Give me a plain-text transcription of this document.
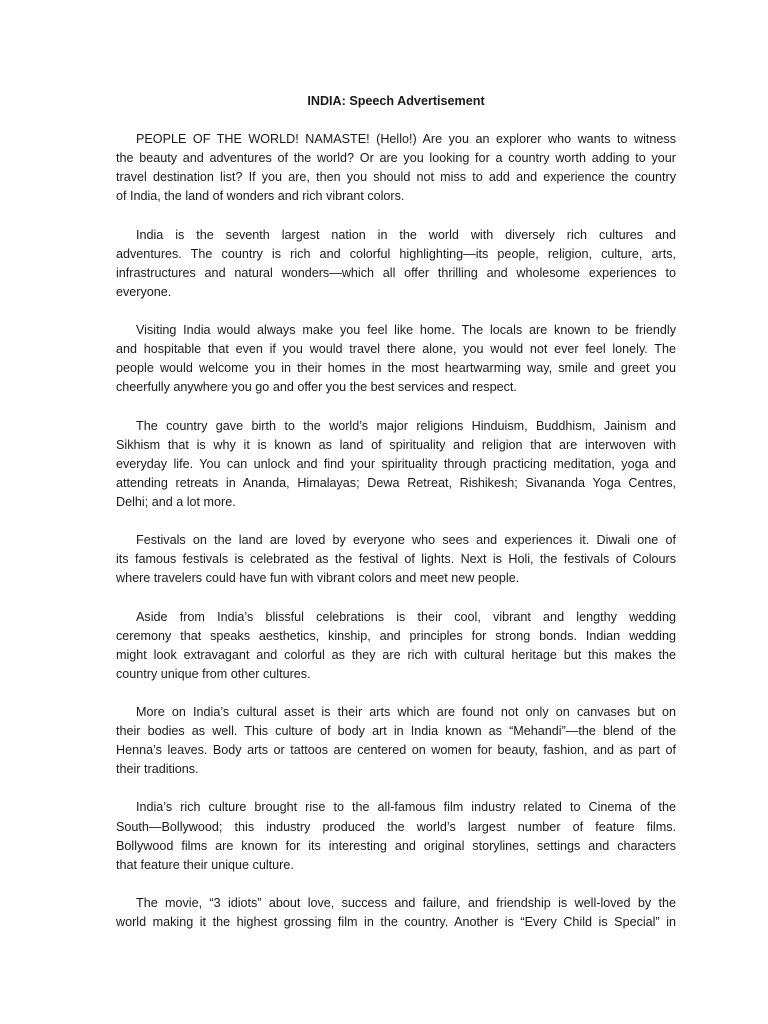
INDIA: Speech Advertisement
PEOPLE OF THE WORLD! NAMASTE! (Hello!) Are you an explorer who wants to witness
the beauty and adventures of the world? Or are you looking for a country worth adding to your
travel destination list? If you are, then you should not miss to add and experience the country
of India, the land of wonders and rich vibrant colors.
India is the seventh largest nation in the world with diversely rich cultures and
adventures. The country is rich and colorful highlighting—its people, religion, culture, arts,
infrastructures and natural wonders—which all offer thrilling and wholesome experiences to
everyone.
Visiting India would always make you feel like home. The locals are known to be friendly
and hospitable that even if you would travel there alone, you would not ever feel lonely. The
people would welcome you in their homes in the most heartwarming way, smile and greet you
cheerfully anywhere you go and offer you the best services and respect.
The country gave birth to the world’s major religions Hinduism, Buddhism, Jainism and
Sikhism that is why it is known as land of spirituality and religion that are interwoven with
everyday life. You can unlock and find your spirituality through practicing meditation, yoga and
attending retreats in Ananda, Himalayas; Dewa Retreat, Rishikesh; Sivananda Yoga Centres,
Delhi; and a lot more.
Festivals on the land are loved by everyone who sees and experiences it. Diwali one of
its famous festivals is celebrated as the festival of lights. Next is Holi, the festivals of Colours
where travelers could have fun with vibrant colors and meet new people.
Aside from India’s blissful celebrations is their cool, vibrant and lengthy wedding
ceremony that speaks aesthetics, kinship, and principles for strong bonds. Indian wedding
might look extravagant and colorful as they are rich with cultural heritage but this makes the
country unique from other cultures.
More on India’s cultural asset is their arts which are found not only on canvases but on
their bodies as well. This culture of body art in India known as “Mehandi”—the blend of the
Henna’s leaves. Body arts or tattoos are centered on women for beauty, fashion, and as part of
their traditions.
India’s rich culture brought rise to the all-famous film industry related to Cinema of the
South—Bollywood; this industry produced the world’s largest number of feature films.
Bollywood films are known for its interesting and original storylines, settings and characters
that feature their unique culture.
The movie, “3 idiots” about love, success and failure, and friendship is well-loved by the
world making it the highest grossing film in the country. Another is “Every Child is Special” in
